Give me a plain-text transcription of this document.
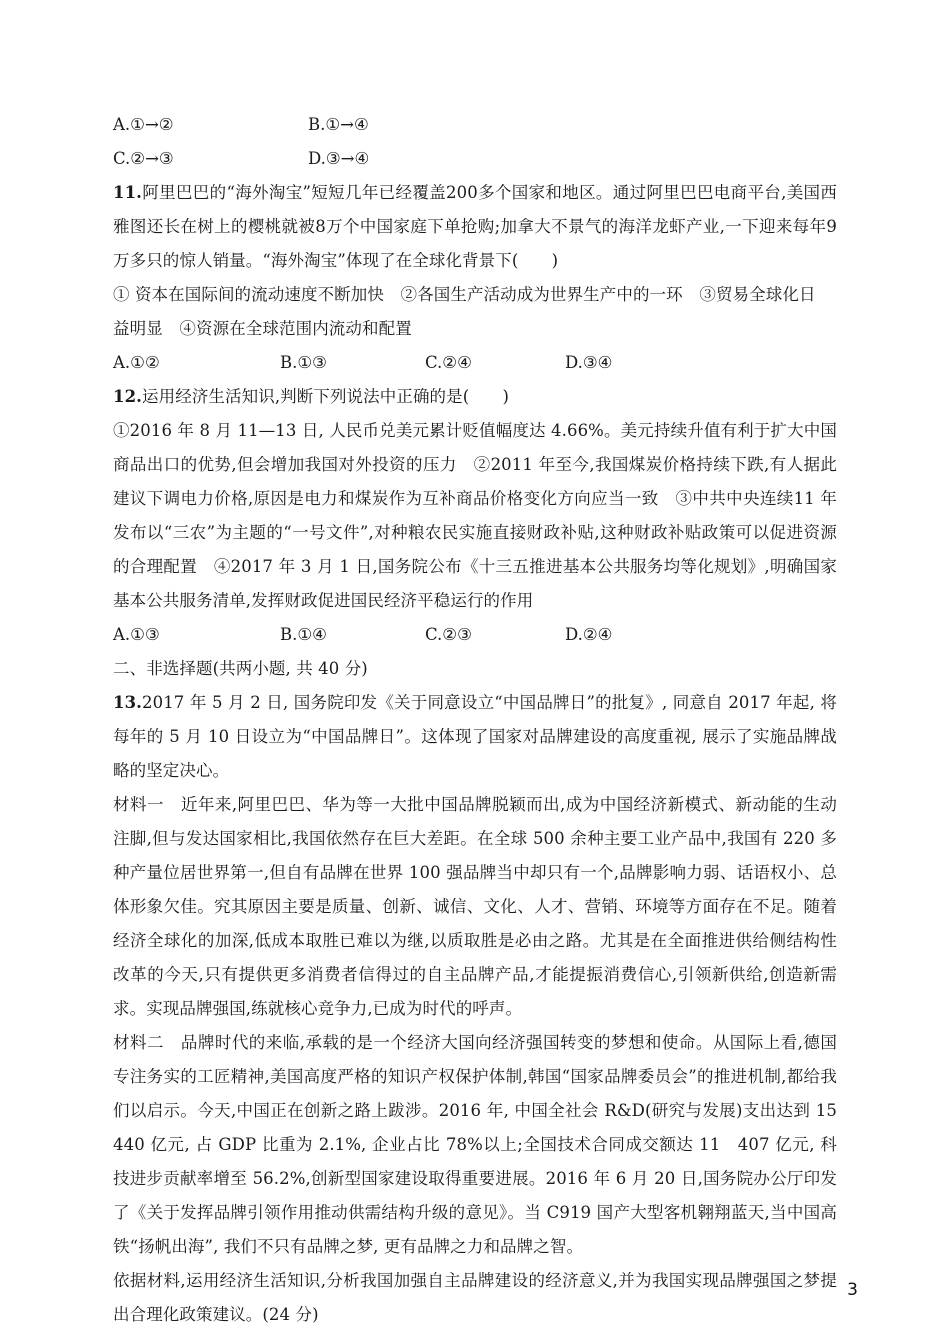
A.①→②	B.①→④
C.②→③	D.③→④

11.阿里巴巴的“海外淘宝”短短几年已经覆盖200多个国家和地区。通过阿里巴巴电商平台,美国西雅图还长在树上的樱桃就被8万个中国家庭下单抢购;加拿大不景气的海洋龙虾产业,一下迎来每年9万多只的惊人销量。“海外淘宝”体现了在全球化背景下(　　)

① 资本在国际间的流动速度不断加快　②各国生产活动成为世界生产中的一环　③贸易全球化日
益明显　④资源在全球范围内流动和配置
A.①②	B.①③	C.②④	D.③④

12.运用经济生活知识,判断下列说法中正确的是(　　)

①2016 年 8 月 11—13 日, 人民币兑美元累计贬值幅度达 4.66%。美元持续升值有利于扩大中国商品出口的优势,但会增加我国对外投资的压力　②2011 年至今,我国煤炭价格持续下跌,有人据此建议下调电力价格,原因是电力和煤炭作为互补商品价格变化方向应当一致　③中共中央连续11 年发布以“三农”为主题的“一号文件”,对种粮农民实施直接财政补贴,这种财政补贴政策可以促进资源的合理配置　④2017 年 3 月 1 日,国务院公布《十三五推进基本公共服务均等化规划》,明确国家基本公共服务清单,发挥财政促进国民经济平稳运行的作用

A.①③	B.①④	C.②③	D.②④
二、非选择题(共两小题, 共 40 分)

13.2017 年 5 月 2 日, 国务院印发《关于同意设立“中国品牌日”的批复》, 同意自 2017 年起, 将每年的 5 月 10 日设立为“中国品牌日”。这体现了国家对品牌建设的高度重视, 展示了实施品牌战略的坚定决心。

材料一　 近年来,阿里巴巴、华为等一大批中国品牌脱颖而出,成为中国经济新模式、新动能的生动注脚,但与发达国家相比,我国依然存在巨大差距。在全球 500 余种主要工业产品中,我国有 220 多种产量位居世界第一,但自有品牌在世界 100 强品牌当中却只有一个,品牌影响力弱、话语权小、总体形象欠佳。究其原因主要是质量、创新、诚信、文化、人才、营销、环境等方面存在不足。随着经济全球化的加深,低成本取胜已难以为继,以质取胜是必由之路。尤其是在全面推进供给侧结构性改革的今天,只有提供更多消费者信得过的自主品牌产品,才能提振消费信心,引领新供给,创造新需求。实现品牌强国,练就核心竞争力,已成为时代的呼声。

材料二　 品牌时代的来临,承载的是一个经济大国向经济强国转变的梦想和使命。从国际上看,德国专注务实的工匠精神,美国高度严格的知识产权保护体制,韩国“国家品牌委员会”的推进机制,都给我们以启示。今天,中国正在创新之路上跋涉。2016 年, 中国全社会 R&D(研究与发展)支出达到 15　440 亿元, 占 GDP 比重为 2.1%, 企业占比 78%以上;全国技术合同成交额达 11　407 亿元, 科技进步贡献率增至 56.2%,创新型国家建设取得重要进展。2016 年 6 月 20 日,国务院办公厅印发了《关于发挥品牌引领作用推动供需结构升级的意见》。当 C919 国产大型客机翱翔蓝天,当中国高铁“扬帆出海”, 我们不只有品牌之梦, 更有品牌之力和品牌之智。

依据材料,运用经济生活知识,分析我国加强自主品牌建设的经济意义,并为我国实现品牌强国之梦提出合理化政策建议。(24 分)

3
